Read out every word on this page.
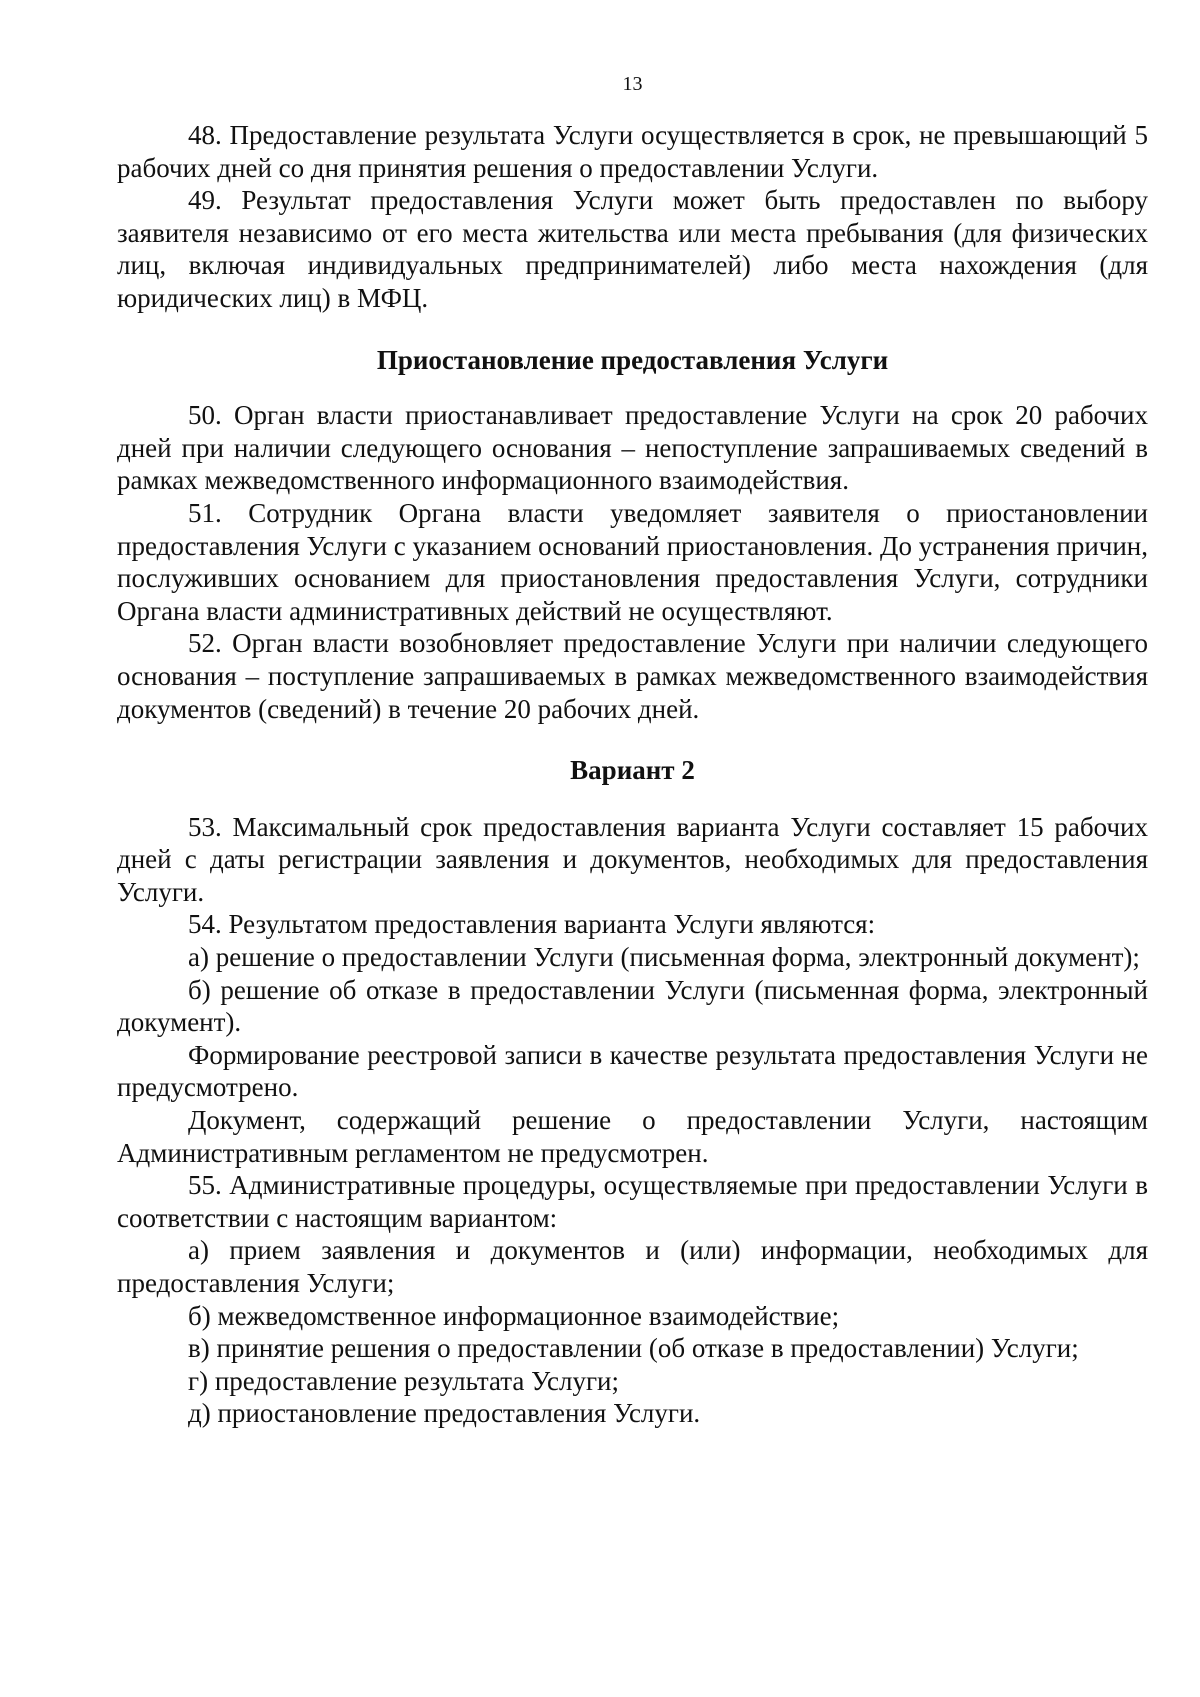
13

48. Предоставление результата Услуги осуществляется в срок, не превышающий 5 рабочих дней со дня принятия решения о предоставлении Услуги.

49. Результат предоставления Услуги может быть предоставлен по выбору заявителя независимо от его места жительства или места пребывания (для физических лиц, включая индивидуальных предпринимателей) либо места нахождения (для юридических лиц) в МФЦ.

Приостановление предоставления Услуги

50. Орган власти приостанавливает предоставление Услуги на срок 20 рабочих дней при наличии следующего основания – непоступление запрашиваемых сведений в рамках межведомственного информационного взаимодействия.

51. Сотрудник Органа власти уведомляет заявителя о приостановлении предоставления Услуги с указанием оснований приостановления. До устранения причин, послуживших основанием для приостановления предоставления Услуги, сотрудники Органа власти административных действий не осуществляют.

52. Орган власти возобновляет предоставление Услуги при наличии следующего основания – поступление запрашиваемых в рамках межведомственного взаимодействия документов (сведений) в течение 20 рабочих дней.

Вариант 2

53. Максимальный срок предоставления варианта Услуги составляет 15 рабочих дней с даты регистрации заявления и документов, необходимых для предоставления Услуги.

54. Результатом предоставления варианта Услуги являются:

а) решение о предоставлении Услуги (письменная форма, электронный документ);

б) решение об отказе в предоставлении Услуги (письменная форма, электронный документ).

Формирование реестровой записи в качестве результата предоставления Услуги не предусмотрено.

Документ, содержащий решение о предоставлении Услуги, настоящим Административным регламентом не предусмотрен.

55. Административные процедуры, осуществляемые при предоставлении Услуги в соответствии с настоящим вариантом:

а) прием заявления и документов и (или) информации, необходимых для предоставления Услуги;

б) межведомственное информационное взаимодействие;

в) принятие решения о предоставлении (об отказе в предоставлении) Услуги;

г) предоставление результата Услуги;

д) приостановление предоставления Услуги.
